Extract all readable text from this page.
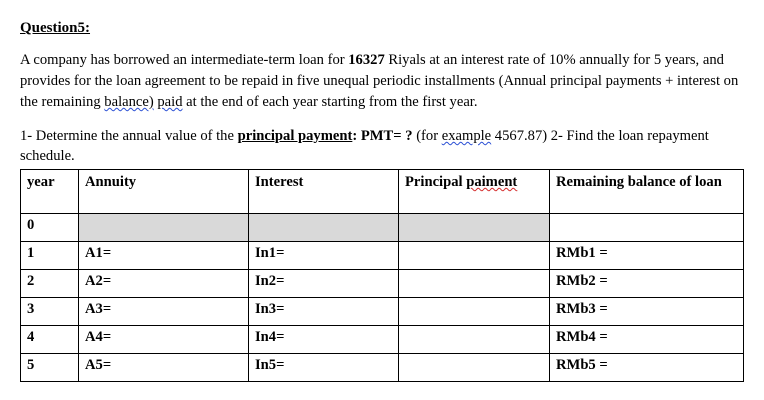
Question5:

A company has borrowed an intermediate-term loan for 16327 Riyals at an interest rate of 10% annually for 5 years, and provides for the loan agreement to be repaid in five unequal periodic installments (Annual principal payments + interest on the remaining balance) paid at the end of each year starting from the first year.

1- Determine the annual value of the principal payment: PMT= ? (for example 4567.87) 2- Find the loan repayment schedule.

year	Annuity	Interest	Principal paiment	Remaining balance of loan
0				
1	A1=	In1=		RMb1 =
2	A2=	In2=		RMb2 =
3	A3=	In3=		RMb3 =
4	A4=	In4=		RMb4 =
5	A5=	In5=		RMb5 =
